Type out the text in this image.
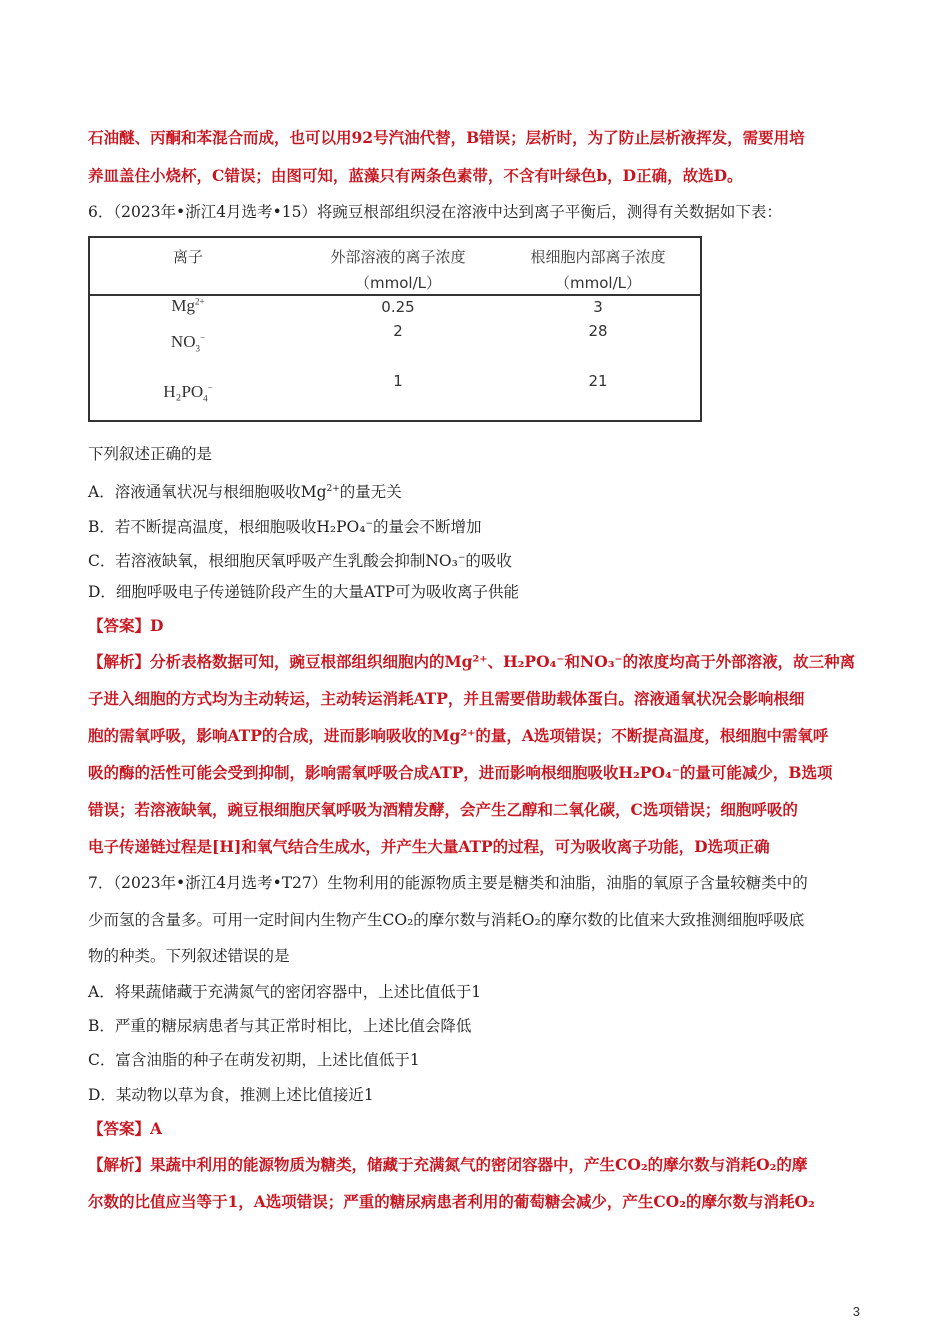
石油醚、丙酮和苯混合而成，也可以用92号汽油代替，B错误；层析时，为了防止层析液挥发，需要用培
养皿盖住小烧杯，C错误；由图可知，蓝藻只有两条色素带，不含有叶绿色b，D正确，故选D。
6．（2023年•浙江4月选考•15）将豌豆根部组织浸在溶液中达到离子平衡后，测得有关数据如下表：
离子	外部溶液的离子浓度	根细胞内部离子浓度
（mmol/L）	（mmol/L）
$Mg^{2+}$	0.25	3
$NO_3^-$	2	28
$H_2PO_4^-$	1	21
下列叙述正确的是
A．溶液通氧状况与根细胞吸收$Mg^{2+}$的量无关
B．若不断提高温度，根细胞吸收H₂PO₄−的量会不断增加
C．若溶液缺氧，根细胞厌氧呼吸产生乳酸会抑制NO₃−的吸收
D．细胞呼吸电子传递链阶段产生的大量ATP可为吸收离子供能
【答案】D
【解析】分析表格数据可知，豌豆根部组织细胞内的Mg²⁺、H₂PO₄⁻和NO₃⁻的浓度均高于外部溶液，故三种离
子进入细胞的方式均为主动转运，主动转运消耗ATP，并且需要借助载体蛋白。溶液通氧状况会影响根细
胞的需氧呼吸，影响ATP的合成，进而影响吸收的Mg²⁺的量，A选项错误；不断提高温度，根细胞中需氧呼
吸的酶的活性可能会受到抑制，影响需氧呼吸合成ATP，进而影响根细胞吸收H₂PO₄⁻的量可能减少，B选项
错误；若溶液缺氧，豌豆根细胞厌氧呼吸为酒精发酵，会产生乙醇和二氧化碳，C选项错误；细胞呼吸的
电子传递链过程是[H]和氧气结合生成水，并产生大量ATP的过程，可为吸收离子功能，D选项正确
7．（2023年•浙江4月选考•T27）生物利用的能源物质主要是糖类和油脂，油脂的氧原子含量较糖类中的
少而氢的含量多。可用一定时间内生物产生CO₂的摩尔数与消耗O₂的摩尔数的比值来大致推测细胞呼吸底
物的种类。下列叙述错误的是
A．将果蔬储藏于充满氮气的密闭容器中，上述比值低于1
B．严重的糖尿病患者与其正常时相比，上述比值会降低
C．富含油脂的种子在萌发初期，上述比值低于1
D．某动物以草为食，推测上述比值接近1
【答案】A
【解析】果蔬中利用的能源物质为糖类，储藏于充满氮气的密闭容器中，产生CO₂的摩尔数与消耗O₂的摩
尔数的比值应当等于1，A选项错误；严重的糖尿病患者利用的葡萄糖会减少，产生CO₂的摩尔数与消耗O₂
3
